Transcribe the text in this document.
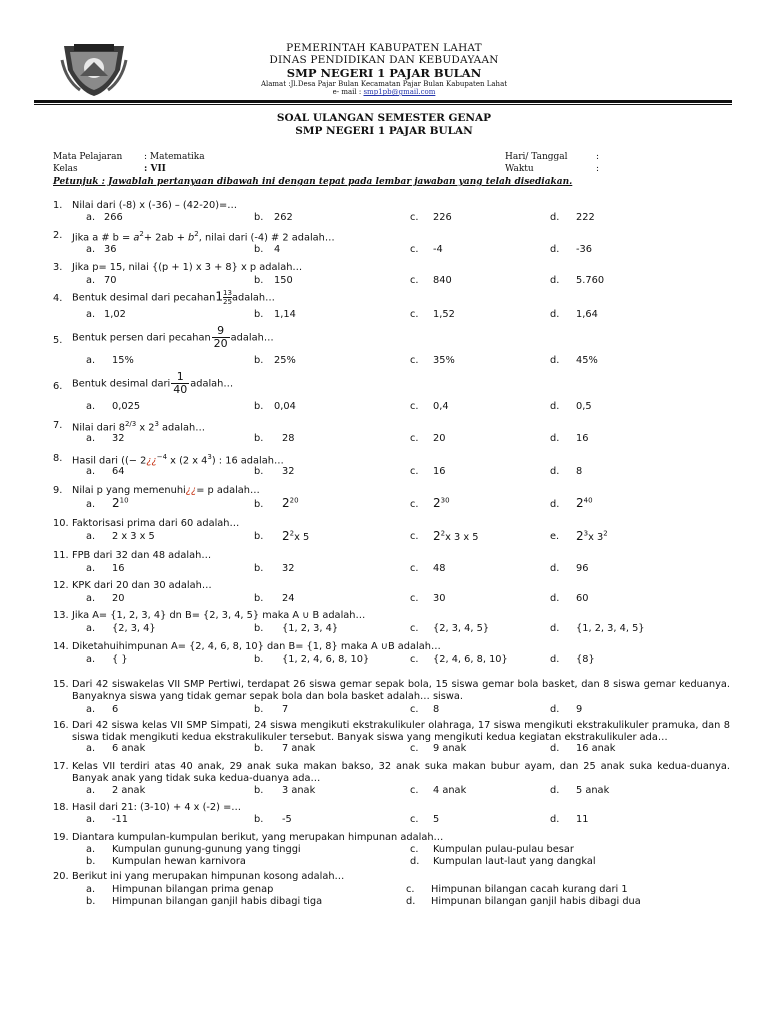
PEMERINTAH KABUPATEN LAHAT
DINAS PENDIDIKAN DAN KEBUDAYAAN
SMP NEGERI 1 PAJAR BULAN
Alamat :Jl.Desa Pajar Bulan Kecamatan Pajar Bulan Kabupaten Lahat
e- mail : smp1pb@gmail.com
SOAL ULANGAN SEMESTER GENAP
SMP NEGERI 1 PAJAR BULAN
Mata Pelajaran : Matematika
Kelas	: VII
Hari/ Tanggal	:
Waktu	:
Petunjuk : Jawablah pertanyaan dibawah ini dengan tepat pada lembar jawaban yang telah disediakan.
1. Nilai dari (-8) x (-36) – (42-20)=…
a. 266	b. 262	c. 226	d. 222
2. Jika a # $b = a^2+ 2ab + b^2$, nilai dari (-4) # 2 adalah…
a. 36	b. 4	c. -4	d. -36
3. Jika p= 15, nilai {(p + 1) x 3 + 8} x p adalah…
a. 70	b. 150	c. 840	d. 5.760
4. Bentuk desimal dari pecahan1 $\frac{13}{25}adalah\dots$
a. 1,02	b. 1,14	c. 1,52	d. 1,64
5. Bentuk persen dari pecahan $\frac{9}{20}$ adalah…
a. 15%	b. 25%	c. 35%	d. 45%
6. Bentuk desimal dari $\frac{1}{40}$ adalah…
a. 0,025	b. 0,04	c. 0,4	d. 0,5
7. Nilai dari $8^{2/3}$ x $2^3$ adalah…
a. 32	b. 28	c. 20	d. 16
8. Hasil dari ((− 2¿¿$^{-4}$ x (2 x $4^3$) : 16 adalah…
a. 64	b. 32	c. 16	d. 8
9. Nilai p yang memenuhi¿¿= p adalah…
a. $2^{10}$	b. $2^{20}$	c. $2^{30}$	d. $2^{40}$
10. Faktorisasi prima dari 60 adalah…
a. 2 x 3 x 5	b. $2^2x$ 5	c. $2^2x$ 3 x 5	e. $2^3x$ $3^2$
11. FPB dari 32 dan 48 adalah…
a. 16	b. 32	c. 48	d. 96
12. KPK dari 20 dan 30 adalah…
a. 20	b. 24	c. 30	d. 60
13. Jika A= {1, 2, 3, 4} dn B= {2, 3, 4, 5} maka A ∪ B adalah…
a. {2, 3, 4}	b. {1, 2, 3, 4}	c. {2, 3, 4, 5}	d. {1, 2, 3, 4, 5}
14. Diketahuihimpunan A= {2, 4, 6, 8, 10} dan B= {1, 8} maka A ∪B adalah…
a. { }	b. {1, 2, 4, 6, 8, 10}	c. {2, 4, 6, 8, 10}	d. {8}
15. Dari 42 siswakelas VII SMP Pertiwi, terdapat 26 siswa gemar sepak bola, 15 siswa gemar bola basket, dan 8 siswa gemar keduanya. Banyaknya siswa yang tidak gemar sepak bola dan bola basket adalah… siswa.
a. 6	b. 7	c. 8	d. 9
16. Dari 42 siswa kelas VII SMP Simpati, 24 siswa mengikuti ekstrakulikuler olahraga, 17 siswa mengikuti ekstrakulikuler pramuka, dan 8 siswa tidak mengikuti kedua ekstrakulikuler tersebut. Banyak siswa yang mengikuti kedua kegiatan ekstrakulikuler ada…
a. 6 anak	b. 7 anak	c. 9 anak	d. 16 anak
17. Kelas VII terdiri atas 40 anak, 29 anak suka makan bakso, 32 anak suka makan bubur ayam, dan 25 anak suka kedua-duanya. Banyak anak yang tidak suka kedua-duanya ada…
a. 2 anak	b. 3 anak	c. 4 anak	d. 5 anak
18. Hasil dari 21: (3-10) + 4 x (-2) =…
a. -11	b. -5	c. 5	d. 11
19. Diantara kumpulan-kumpulan berikut, yang merupakan himpunan adalah…
a. Kumpulan gunung-gunung yang tinggi
b. Kumpulan hewan karnivora
c. Kumpulan pulau-pulau besar
d. Kumpulan laut-laut yang dangkal
20. Berikut ini yang merupakan himpunan kosong adalah…
a. Himpunan bilangan prima genap
b. Himpunan bilangan ganjil habis dibagi tiga
c. Himpunan bilangan cacah kurang dari 1
d. Himpunan bilangan ganjil habis dibagi dua
